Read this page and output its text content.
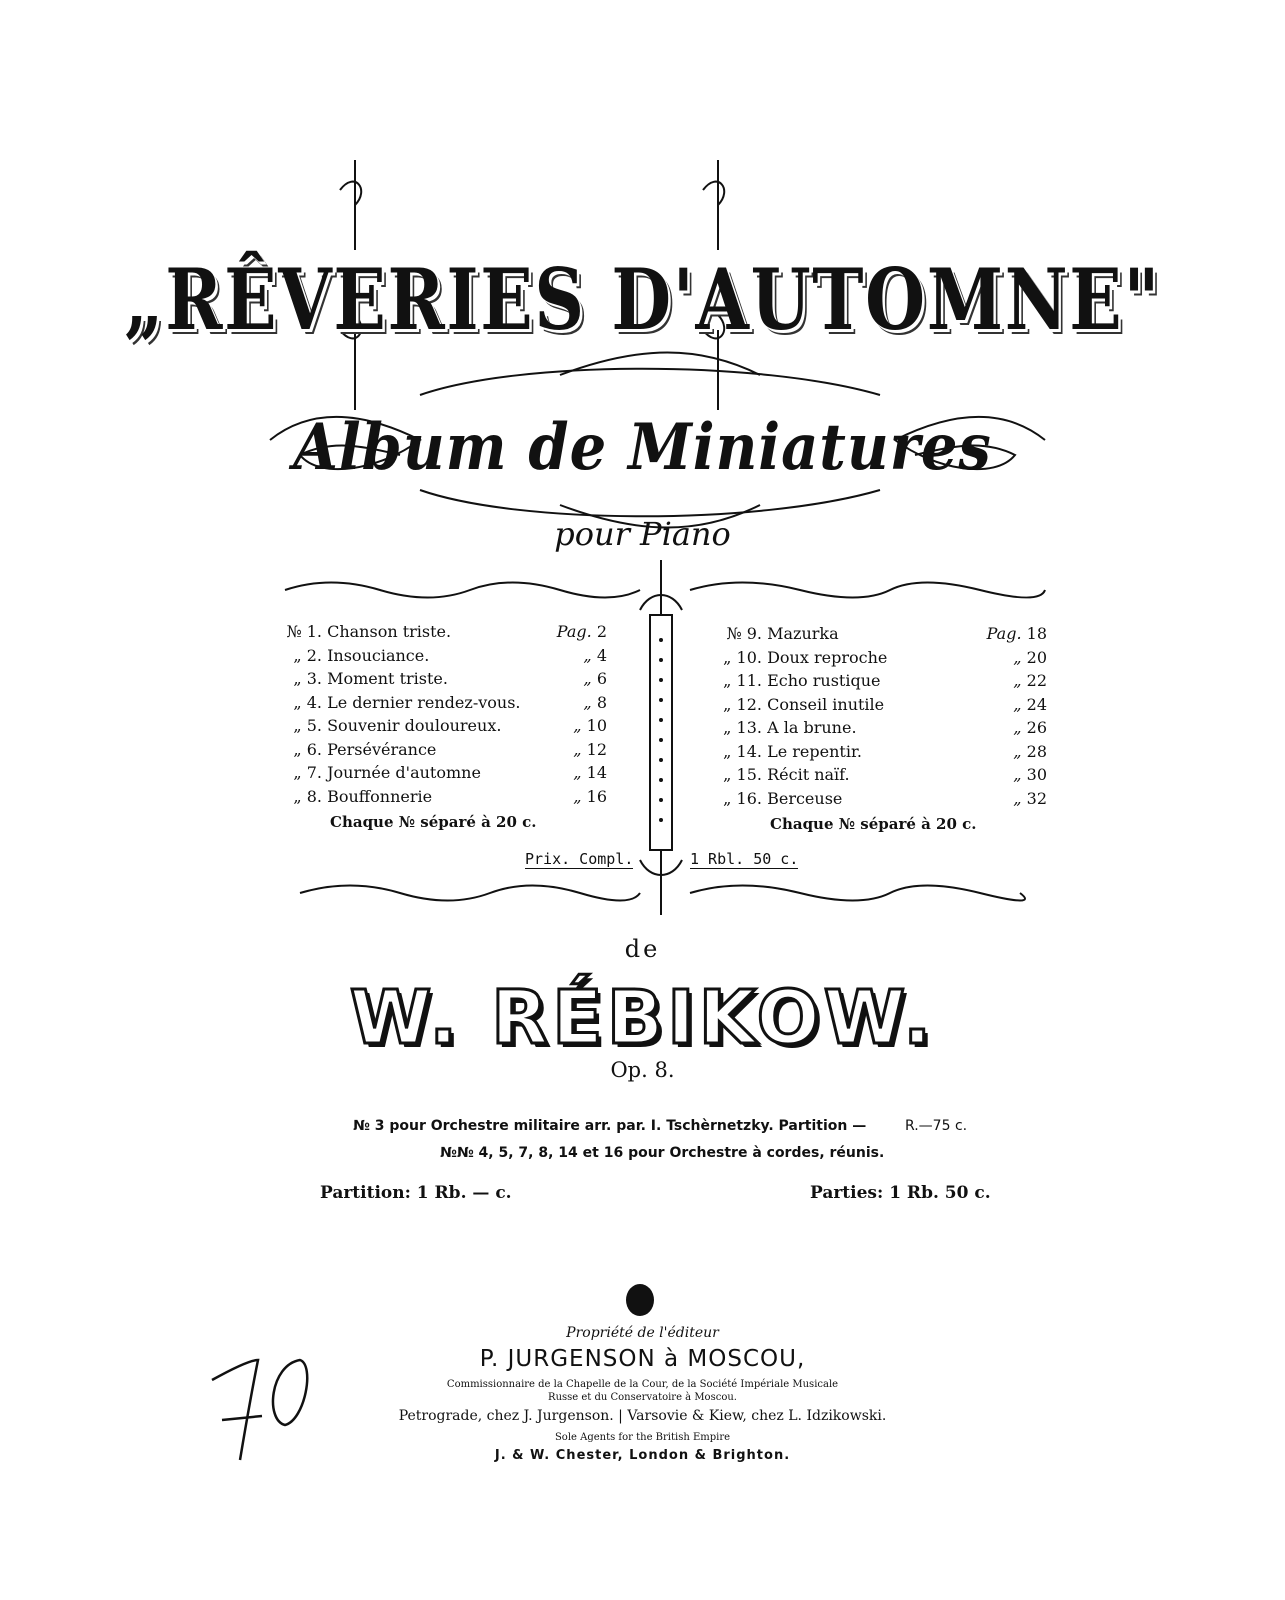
„RÊVERIES D'AUTOMNE"
Album de Miniatures
pour Piano
№ 1. Chanson triste.	Pag. 2
„ 2. Insouciance.	„ 4
„ 3. Moment triste.	„ 6
„ 4. Le dernier rendez-vous.	„ 8
„ 5. Souvenir douloureux.	„ 10
„ 6. Persévérance	„ 12
„ 7. Journée d'automne	„ 14
„ 8. Bouffonnerie	„ 16
№ 9. Mazurka	Pag. 18
„ 10. Doux reproche	„ 20
„ 11. Echo rustique	„ 22
„ 12. Conseil inutile	„ 24
„ 13. A la brune.	„ 26
„ 14. Le repentir.	„ 28
„ 15. Récit naïf.	„ 30
„ 16. Berceuse	„ 32
Chaque № séparé à 20 c.	Chaque № séparé à 20 c.
Prix. Compl.	1 Rbl. 50 c.
de
W. RÉBIKOW.
Op. 8.
№ 3 pour Orchestre militaire arr. par. I. Tschèrnetzky. Partition —	R.—75 c.
№№ 4, 5, 7, 8, 14 et 16 pour Orchestre à cordes, réunis.
Partition: 1 Rb. — c.	Parties: 1 Rb. 50 c.
Propriété de l'éditeur
P. JURGENSON à MOSCOU,
Commissionnaire de la Chapelle de la Cour, de la Société Impériale Musicale
Russe et du Conservatoire à Moscou.
Petrograde, chez J. Jurgenson. | Varsovie & Kiew, chez L. Idzikowski.
Sole Agents for the British Empire
J. & W. Chester, London & Brighton.
